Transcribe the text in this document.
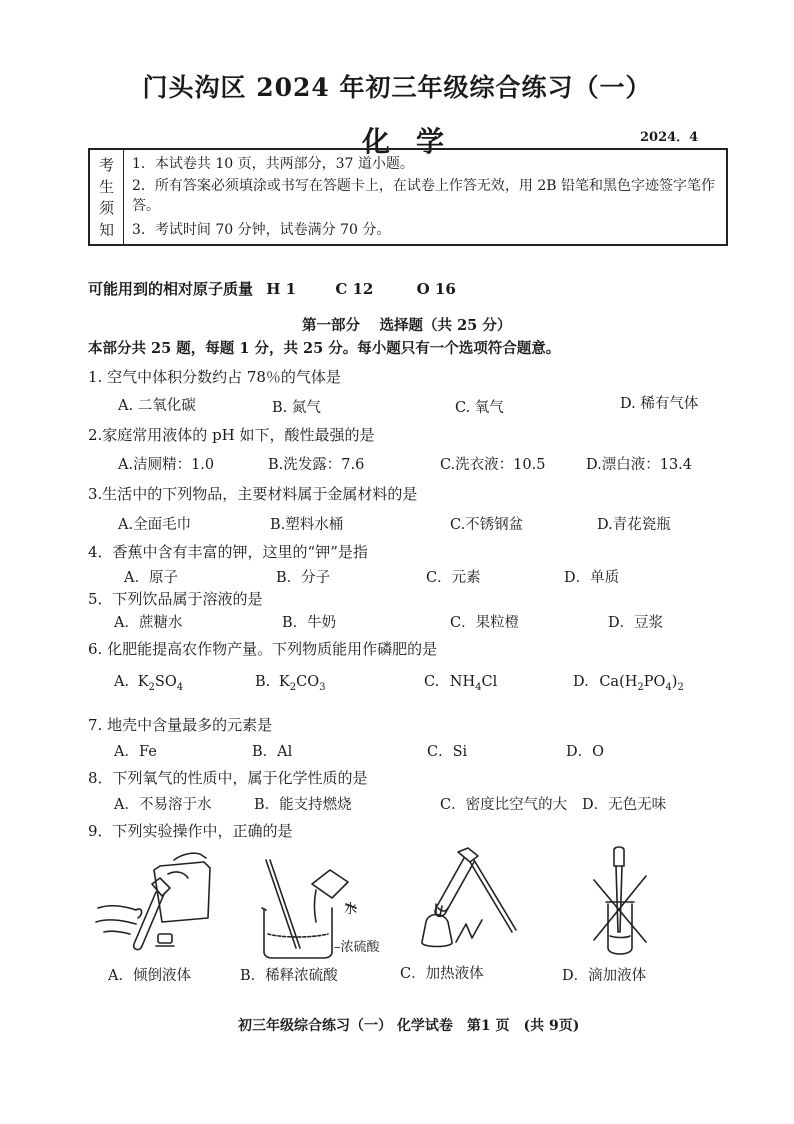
门头沟区 2024 年初三年级综合练习（一）
化学	2024．4
考
生
须
知
1．本试卷共 10 页，共两部分，37 道小题。
2．所有答案必须填涂或书写在答题卡上，在试卷上作答无效，用 2B 铅笔和黑色字迹签字笔作答。
3．考试时间 70 分钟，试卷满分 70 分。
可能用到的相对原子质量 H 1	C 12	O 16
第一部分　 选择题（共 25 分）
本部分共 25 题，每题 1 分，共 25 分。每小题只有一个选项符合题意。
1. 空气中体积分数约占 78％的气体是
A. 二氧化碳	B. 氮气	C. 氧气	D. 稀有气体
2.家庭常用液体的 pH 如下，酸性最强的是
A.洁厕精：1.0	B.洗发露：7.6	C.洗衣液：10.5	D.漂白液：13.4
3.生活中的下列物品，主要材料属于金属材料的是
A.全面毛巾	B.塑料水桶	C.不锈钢盆	D.青花瓷瓶
4．香蕉中含有丰富的钾，这里的“钾”是指
A．原子	B．分子	C．元素	D．单质
5．下列饮品属于溶液的是
A．蔗糖水	B．牛奶	C．果粒橙	D．豆浆
6. 化肥能提高农作物产量。下列物质能用作磷肥的是
A. $K_2SO_4$	B. $K_2CO_3$	C. $NH_4Cl$	D. $Ca(H_2PO_4)_2$
7. 地壳中含量最多的元素是
A．Fe	B．Al	C．Si	D．O
8．下列氧气的性质中，属于化学性质的是
A．不易溶于水	B．能支持燃烧	C．密度比空气的大 D．无色无味
9．下列实验操作中，正确的是
A．倾倒液体
水
–浓硫酸
B．稀释浓硫酸	C．加热液体	D．滴加液体
初三年级综合练习（一） 化学试卷　第1 页　(共 9页)
